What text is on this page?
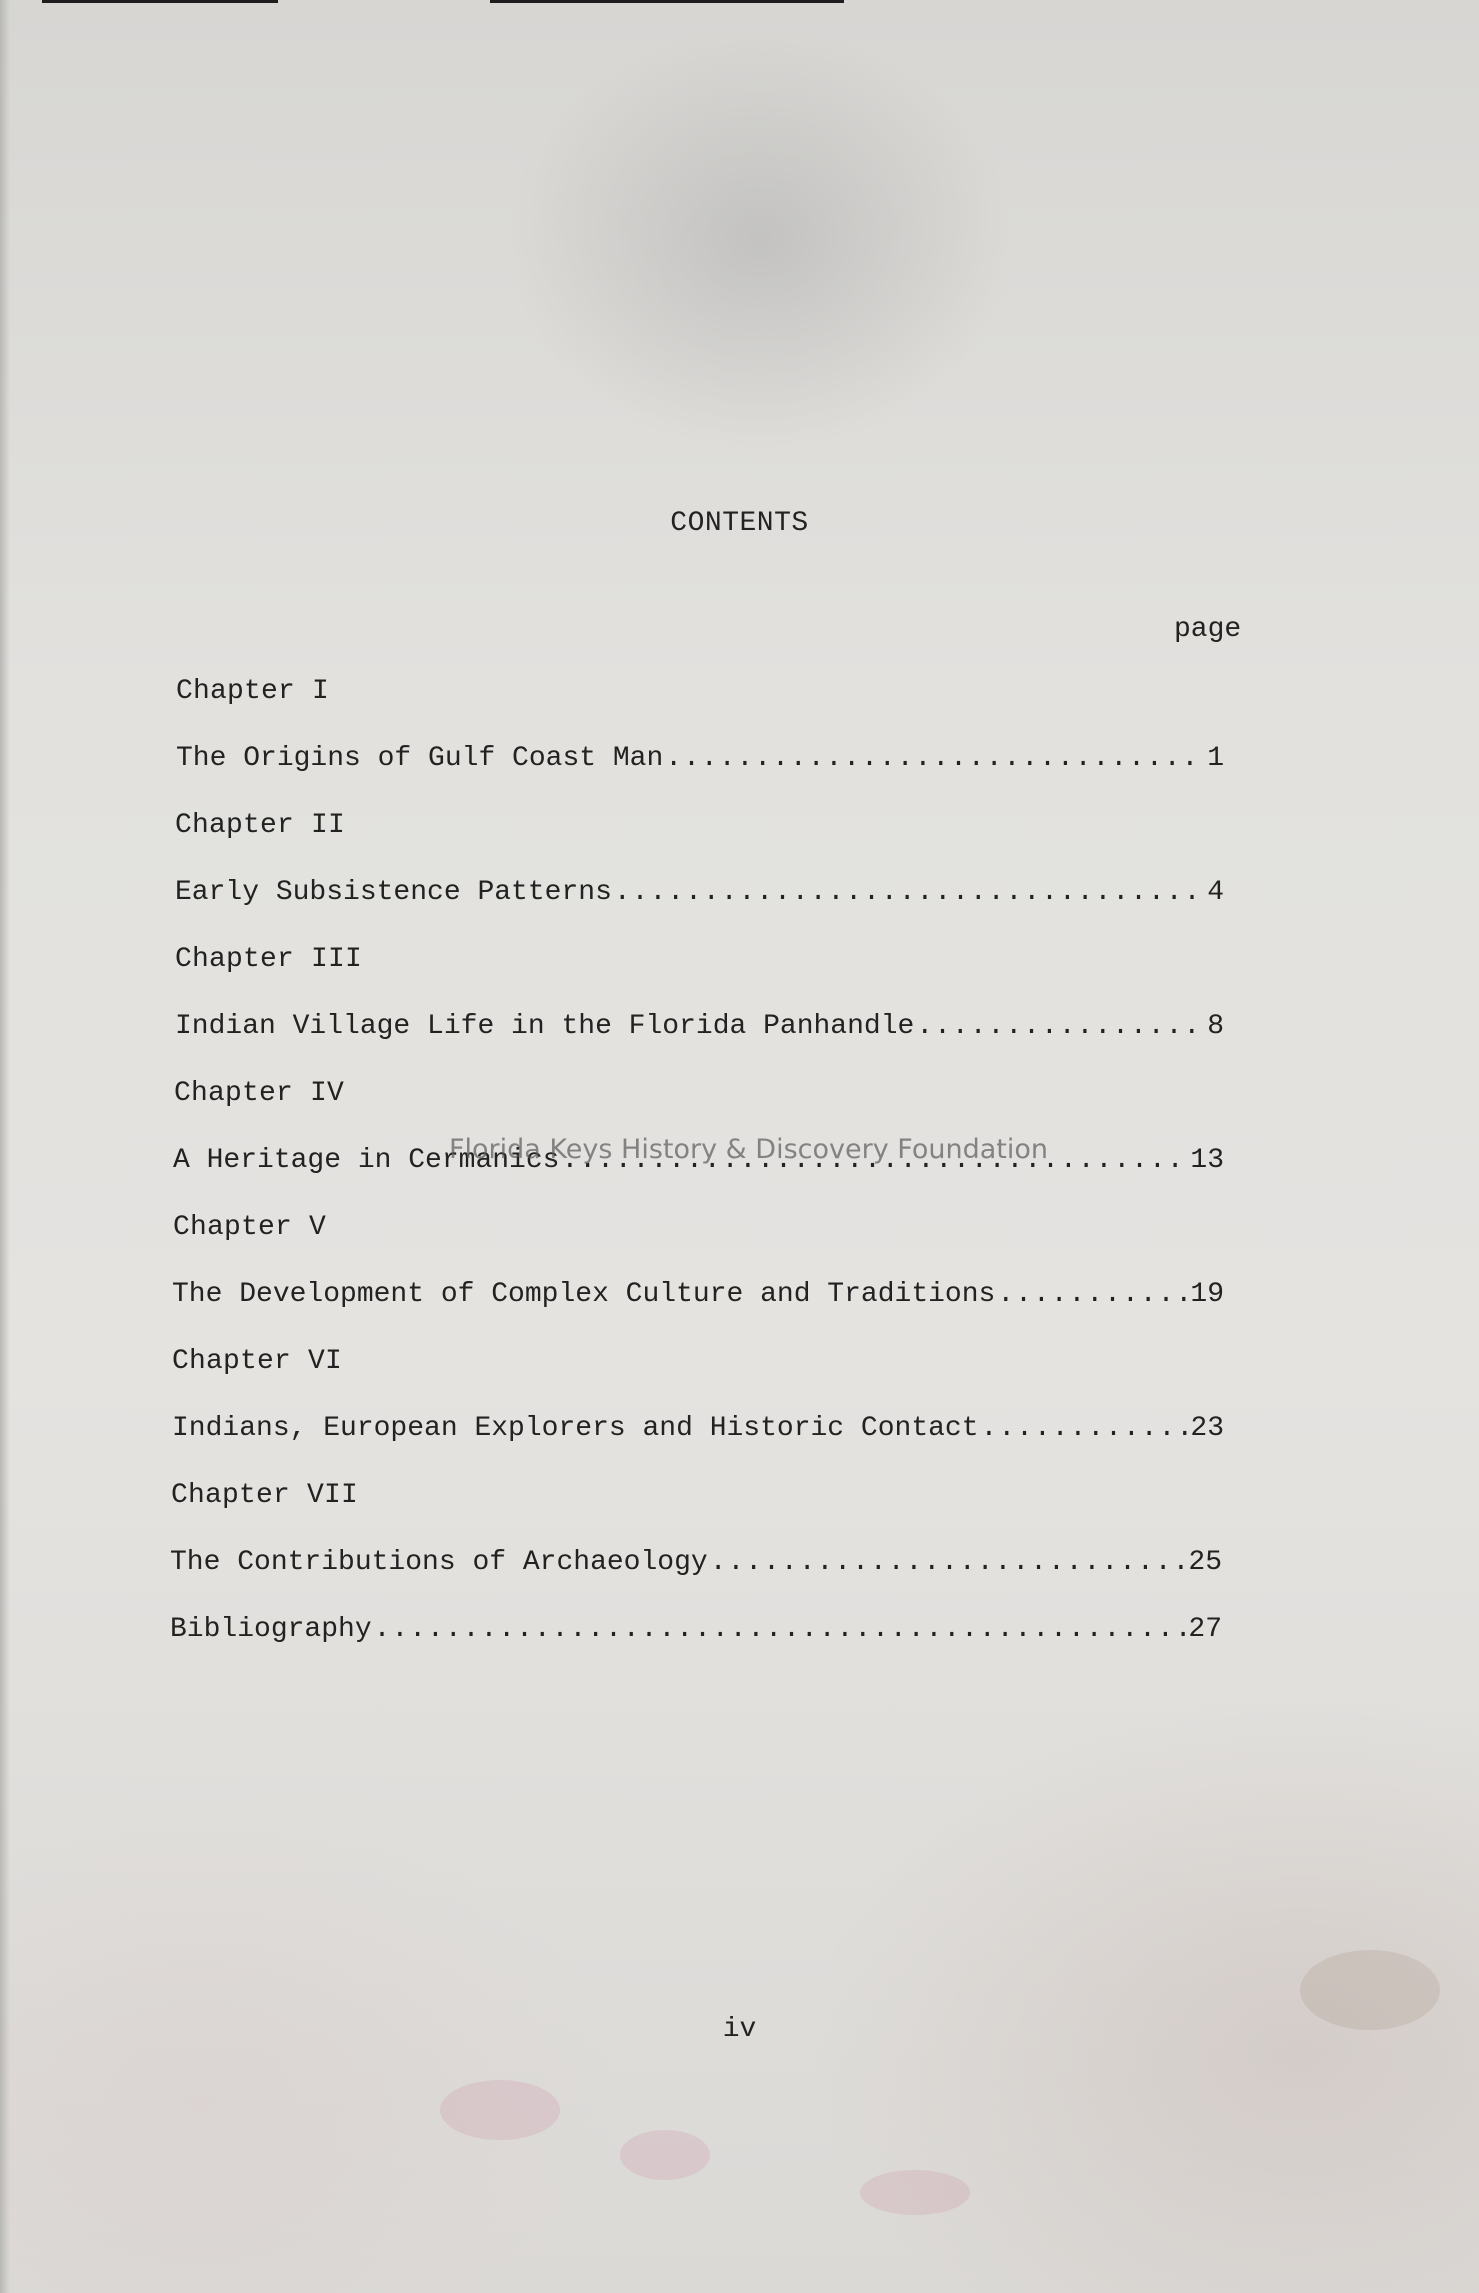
CONTENTS
page
Chapter I
The Origins of Gulf Coast Man .....	1
Chapter II
Early Subsistence Patterns .....	4
Chapter III
Indian Village Life in the Florida Panhandle .....	8
Chapter IV
A Heritage in Cermanics .....	13
Chapter V
The Development of Complex Culture and Traditions .....	19
Chapter VI
Indians, European Explorers and Historic Contact .....	23
Chapter VII
The Contributions of Archaeology .....	25
Bibliography .....	27
Florida Keys History & Discovery Foundation
iv
